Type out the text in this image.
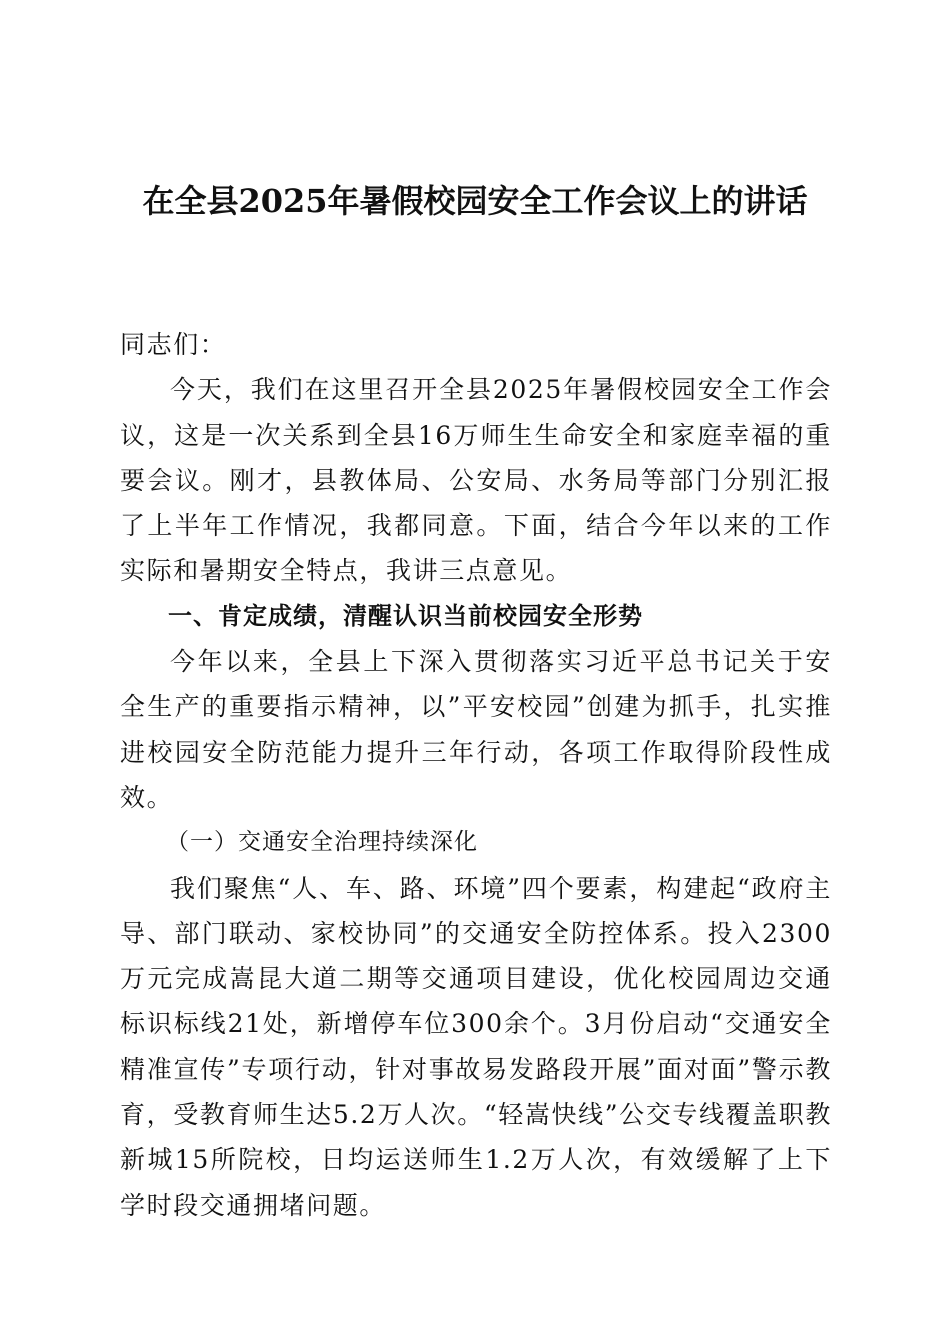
在全县2025年暑假校园安全工作会议上的讲话

同志们：

今天，我们在这里召开全县2025年暑假校园安全工作会议，这是一次关系到全县16万师生生命安全和家庭幸福的重要会议。刚才，县教体局、公安局、水务局等部门分别汇报了上半年工作情况，我都同意。下面，结合今年以来的工作实际和暑期安全特点，我讲三点意见。

一、肯定成绩，清醒认识当前校园安全形势

今年以来，全县上下深入贯彻落实习近平总书记关于安全生产的重要指示精神，以”平安校园”创建为抓手，扎实推进校园安全防范能力提升三年行动，各项工作取得阶段性成效。

（一）交通安全治理持续深化

我们聚焦“人、车、路、环境”四个要素，构建起“政府主导、部门联动、家校协同”的交通安全防控体系。投入2300万元完成嵩昆大道二期等交通项目建设，优化校园周边交通标识标线21处，新增停车位300余个。3月份启动“交通安全精准宣传”专项行动，针对事故易发路段开展”面对面”警示教育，受教育师生达5.2万人次。“轻嵩快线”公交专线覆盖职教新城15所院校，日均运送师生1.2万人次，有效缓解了上下学时段交通拥堵问题。
